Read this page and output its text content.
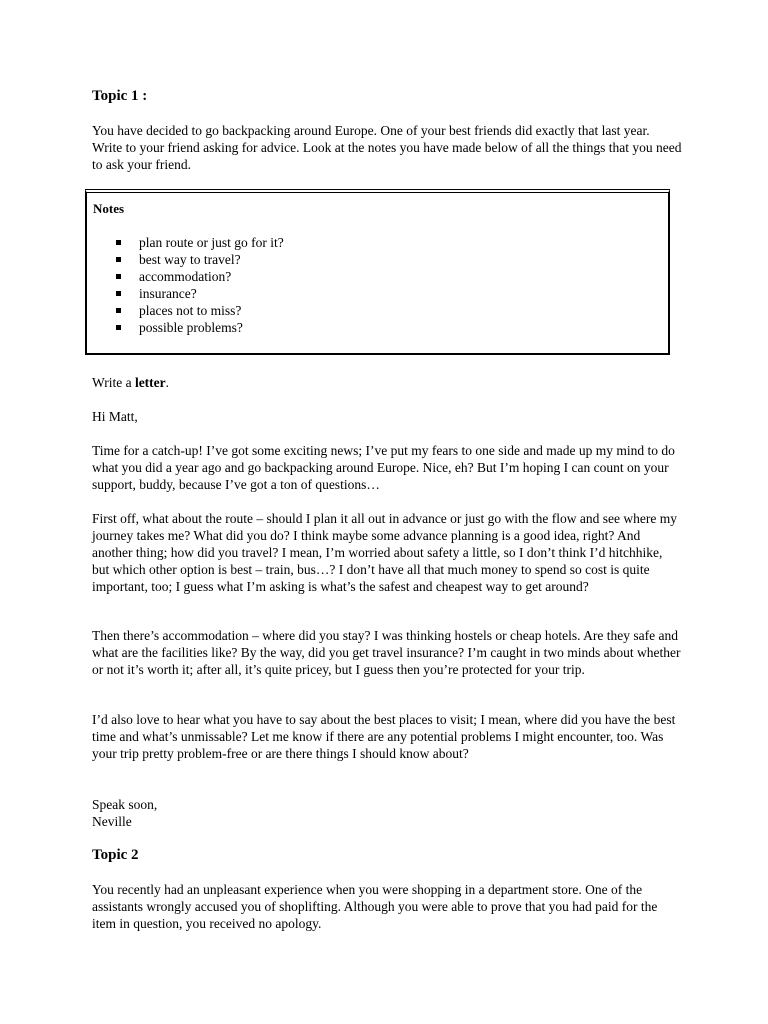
Topic 1 :

You have decided to go backpacking around Europe. One of your best friends did exactly that last year. Write to your friend asking for advice. Look at the notes you have made below of all the things that you need to ask your friend.

Notes
plan route or just go for it?
best way to travel?
accommodation?
insurance?
places not to miss?
possible problems?

Write a letter.

Hi Matt,

Time for a catch-up! I’ve got some exciting news; I’ve put my fears to one side and made up my mind to do what you did a year ago and go backpacking around Europe. Nice, eh? But I’m hoping I can count on your support, buddy, because I’ve got a ton of questions…

First off, what about the route – should I plan it all out in advance or just go with the flow and see where my journey takes me? What did you do? I think maybe some advance planning is a good idea, right? And another thing; how did you travel? I mean, I’m worried about safety a little, so I don’t think I’d hitchhike, but which other option is best – train, bus…? I don’t have all that much money to spend so cost is quite important, too; I guess what I’m asking is what’s the safest and cheapest way to get around?

Then there’s accommodation – where did you stay? I was thinking hostels or cheap hotels. Are they safe and what are the facilities like? By the way, did you get travel insurance? I’m caught in two minds about whether or not it’s worth it; after all, it’s quite pricey, but I guess then you’re protected for your trip.

I’d also love to hear what you have to say about the best places to visit; I mean, where did you have the best time and what’s unmissable? Let me know if there are any potential problems I might encounter, too. Was your trip pretty problem-free or are there things I should know about?

Speak soon,

Neville

Topic 2

You recently had an unpleasant experience when you were shopping in a department store. One of the assistants wrongly accused you of shoplifting. Although you were able to prove that you had paid for the item in question, you received no apology.
